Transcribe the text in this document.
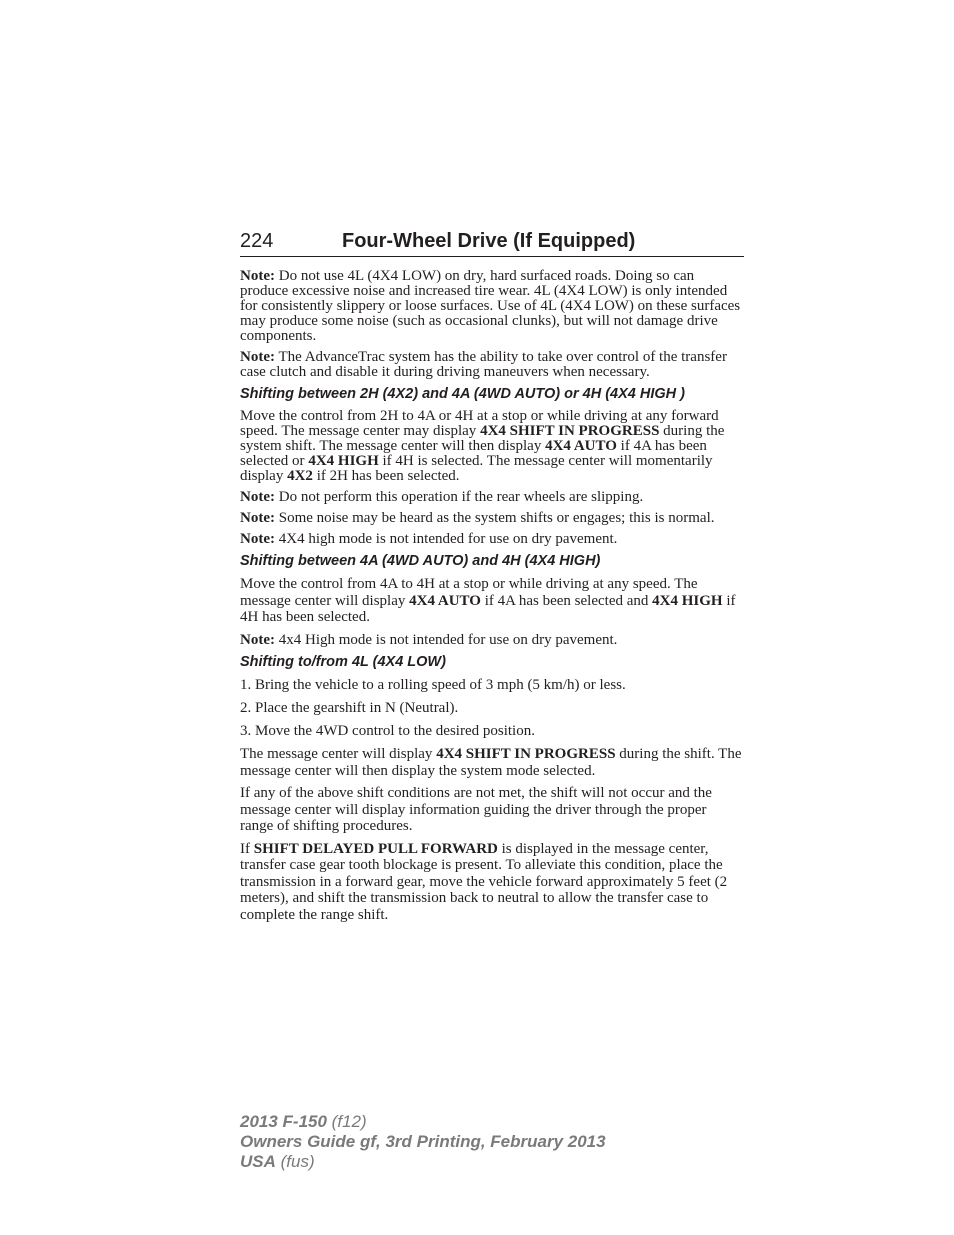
224	Four-Wheel Drive (If Equipped)

Note: Do not use 4L (4X4 LOW) on dry, hard surfaced roads. Doing so can produce excessive noise and increased tire wear. 4L (4X4 LOW) is only intended for consistently slippery or loose surfaces. Use of 4L (4X4 LOW) on these surfaces may produce some noise (such as occasional clunks), but will not damage drive components.

Note: The AdvanceTrac system has the ability to take over control of the transfer case clutch and disable it during driving maneuvers when necessary.

Shifting between 2H (4X2) and 4A (4WD AUTO) or 4H (4X4 HIGH )

Move the control from 2H to 4A or 4H at a stop or while driving at any forward speed. The message center may display 4X4 SHIFT IN PROGRESS during the system shift. The message center will then display 4X4 AUTO if 4A has been selected or 4X4 HIGH if 4H is selected. The message center will momentarily display 4X2 if 2H has been selected.

Note: Do not perform this operation if the rear wheels are slipping.

Note: Some noise may be heard as the system shifts or engages; this is normal.

Note: 4X4 high mode is not intended for use on dry pavement.

Shifting between 4A (4WD AUTO) and 4H (4X4 HIGH)

Move the control from 4A to 4H at a stop or while driving at any speed. The message center will display 4X4 AUTO if 4A has been selected and 4X4 HIGH if 4H has been selected.

Note: 4x4 High mode is not intended for use on dry pavement.

Shifting to/from 4L (4X4 LOW)

1. Bring the vehicle to a rolling speed of 3 mph (5 km/h) or less.

2. Place the gearshift in N (Neutral).

3. Move the 4WD control to the desired position.

The message center will display 4X4 SHIFT IN PROGRESS during the shift. The message center will then display the system mode selected.

If any of the above shift conditions are not met, the shift will not occur and the message center will display information guiding the driver through the proper range of shifting procedures.

If SHIFT DELAYED PULL FORWARD is displayed in the message center, transfer case gear tooth blockage is present. To alleviate this condition, place the transmission in a forward gear, move the vehicle forward approximately 5 feet (2 meters), and shift the transmission back to neutral to allow the transfer case to complete the range shift.

2013 F-150 (f12)
Owners Guide gf, 3rd Printing, February 2013
USA (fus)
